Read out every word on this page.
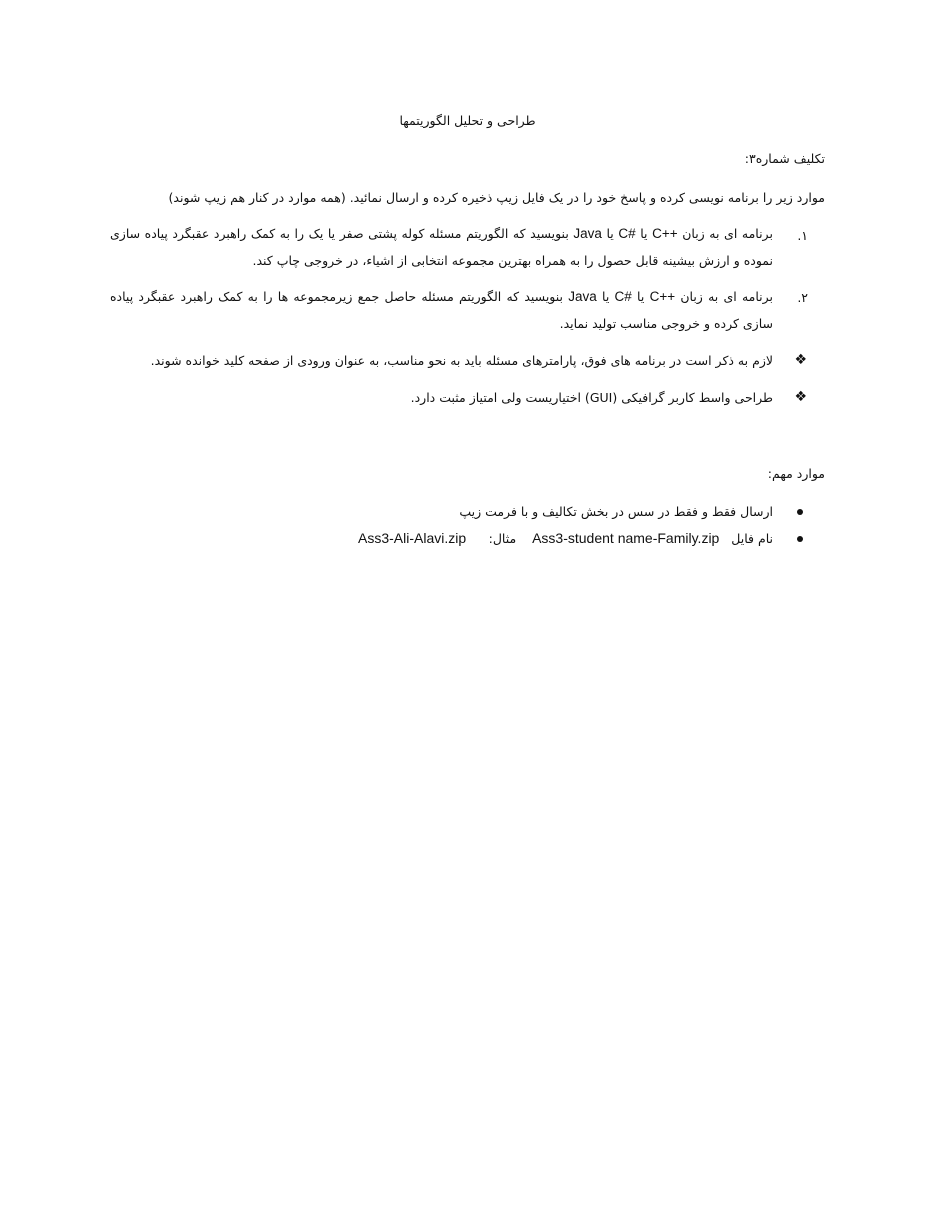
طراحی و تحلیل الگوریتمها
تکلیف شماره۳:
موارد زیر را برنامه نویسی کرده و پاسخ خود را در یک فایل زیپ ذخیره کرده و ارسال نمائید. (همه موارد در کنار هم زیپ شوند)
.۱
برنامه ای به زبان C++ یا C# یا Java بنویسید که الگوریتم مسئله کوله پشتی صفر یا یک را به کمک راهبرد عقبگرد پیاده سازی نموده و ارزش بیشینه قابل حصول را به همراه بهترین مجموعه انتخابی از اشیاء، در خروجی چاپ کند.
.۲
برنامه ای به زبان C++ یا C# یا Java بنویسید که الگوریتم مسئله حاصل جمع زیرمجموعه ها را به کمک راهبرد عقبگرد پیاده سازی کرده و خروجی مناسب تولید نماید.
❖
لازم به ذکر است در برنامه های فوق، پارامترهای مسئله باید به نحو مناسب، به عنوان ورودی از صفحه کلید خوانده شوند.
❖
طراحی واسط کاربر گرافیکی (GUI) اختیاریست ولی امتیاز مثبت دارد.
موارد مهم:
ارسال فقط و فقط در سس در بخش تکالیف و با فرمت زیپ
نام فایل   Ass3-student name-Family.zip    مثال:
Ass3-Ali-Alavi.zip
